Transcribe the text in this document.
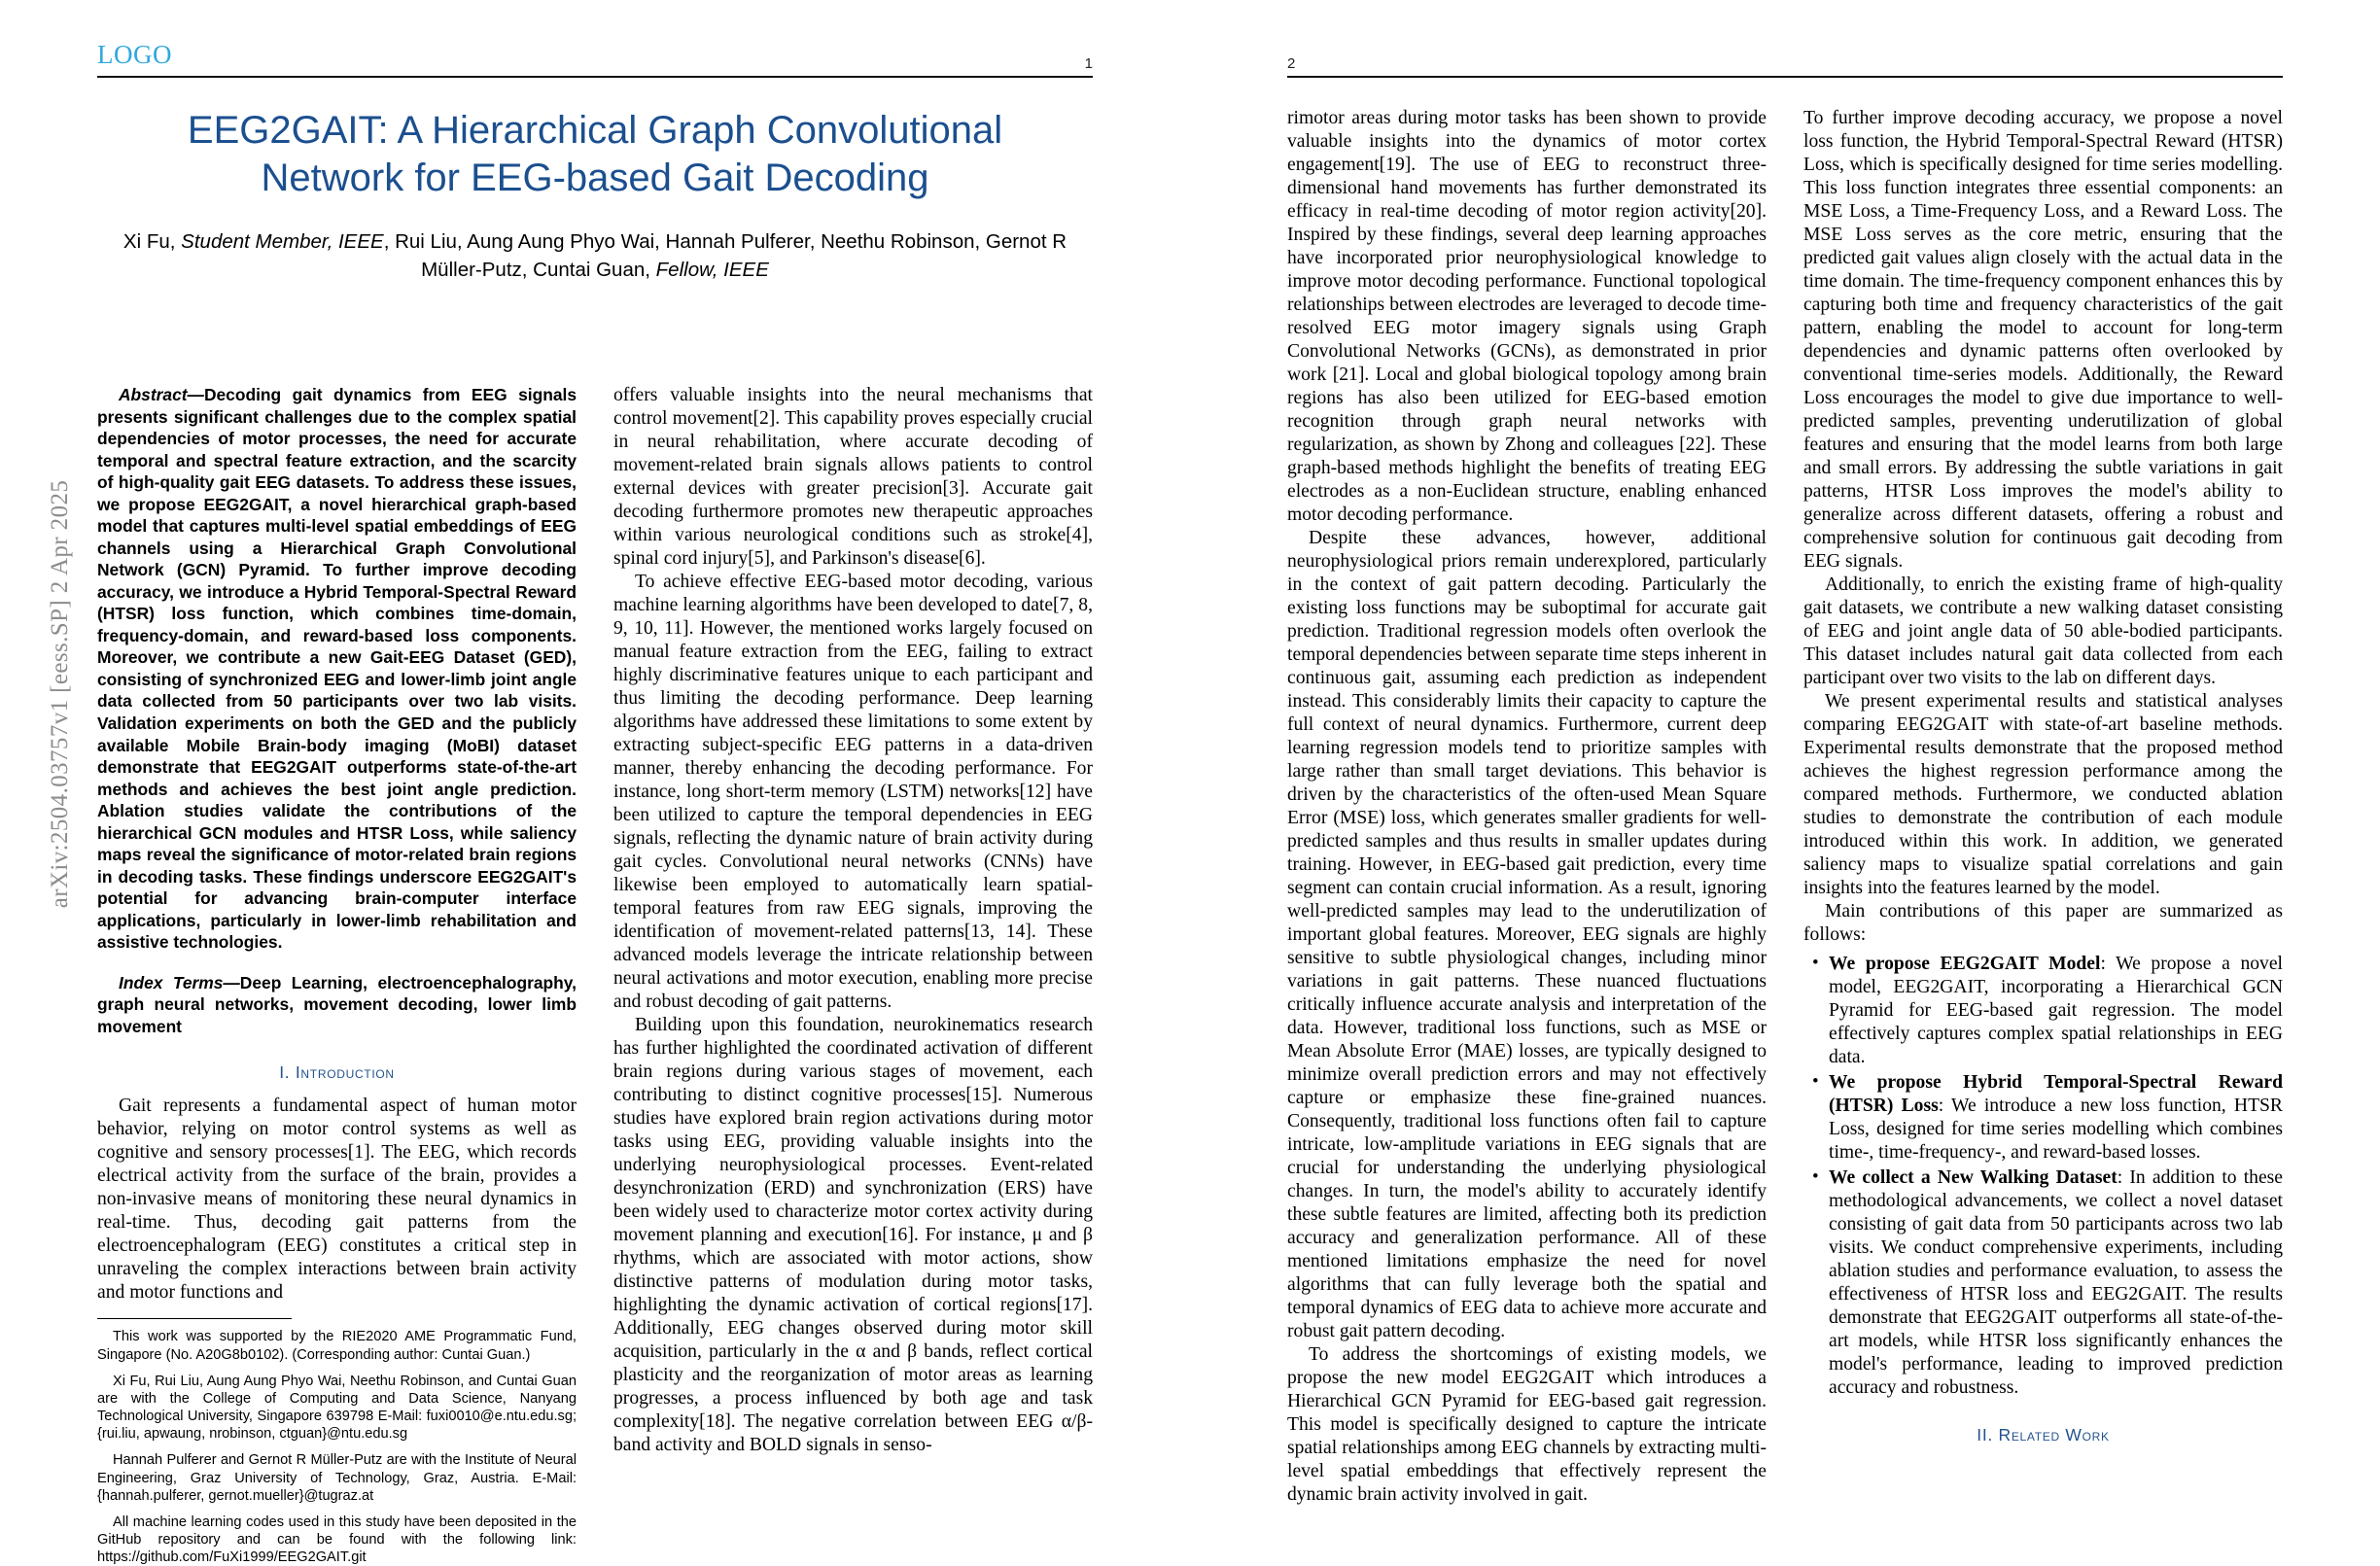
arXiv:2504.03757v1 [eess.SP] 2 Apr 2025
LOGO	1
EEG2GAIT: A Hierarchical Graph Convolutional Network for EEG-based Gait Decoding
Xi Fu, Student Member, IEEE, Rui Liu, Aung Aung Phyo Wai, Hannah Pulferer, Neethu Robinson, Gernot R Müller-Putz, Cuntai Guan, Fellow, IEEE

Abstract—Decoding gait dynamics from EEG signals presents significant challenges due to the complex spatial dependencies of motor processes, the need for accurate temporal and spectral feature extraction, and the scarcity of high-quality gait EEG datasets. To address these issues, we propose EEG2GAIT, a novel hierarchical graph-based model that captures multi-level spatial embeddings of EEG channels using a Hierarchical Graph Convolutional Network (GCN) Pyramid. To further improve decoding accuracy, we introduce a Hybrid Temporal-Spectral Reward (HTSR) loss function, which combines time-domain, frequency-domain, and reward-based loss components. Moreover, we contribute a new Gait-EEG Dataset (GED), consisting of synchronized EEG and lower-limb joint angle data collected from 50 participants over two lab visits. Validation experiments on both the GED and the publicly available Mobile Brain-body imaging (MoBI) dataset demonstrate that EEG2GAIT outperforms state-of-the-art methods and achieves the best joint angle prediction. Ablation studies validate the contributions of the hierarchical GCN modules and HTSR Loss, while saliency maps reveal the significance of motor-related brain regions in decoding tasks. These findings underscore EEG2GAIT's potential for advancing brain-computer interface applications, particularly in lower-limb rehabilitation and assistive technologies.

Index Terms—Deep Learning, electroencephalography, graph neural networks, movement decoding, lower limb movement

I. Introduction

Gait represents a fundamental aspect of human motor behavior, relying on motor control systems as well as cognitive and sensory processes[1]. The EEG, which records electrical activity from the surface of the brain, provides a non-invasive means of monitoring these neural dynamics in real-time. Thus, decoding gait patterns from the electroencephalogram (EEG) constitutes a critical step in unraveling the complex interactions between brain activity and motor functions and

This work was supported by the RIE2020 AME Programmatic Fund, Singapore (No. A20G8b0102). (Corresponding author: Cuntai Guan.)

Xi Fu, Rui Liu, Aung Aung Phyo Wai, Neethu Robinson, and Cuntai Guan are with the College of Computing and Data Science, Nanyang Technological University, Singapore 639798 E-Mail: fuxi0010@e.ntu.edu.sg; {rui.liu, apwaung, nrobinson, ctguan}@ntu.edu.sg

Hannah Pulferer and Gernot R Müller-Putz are with the Institute of Neural Engineering, Graz University of Technology, Graz, Austria. E-Mail: {hannah.pulferer, gernot.mueller}@tugraz.at

All machine learning codes used in this study have been deposited in the GitHub repository and can be found with the following link: https://github.com/FuXi1999/EEG2GAIT.git

offers valuable insights into the neural mechanisms that control movement[2]. This capability proves especially crucial in neural rehabilitation, where accurate decoding of movement-related brain signals allows patients to control external devices with greater precision[3]. Accurate gait decoding furthermore promotes new therapeutic approaches within various neurological conditions such as stroke[4], spinal cord injury[5], and Parkinson's disease[6].

To achieve effective EEG-based motor decoding, various machine learning algorithms have been developed to date[7, 8, 9, 10, 11]. However, the mentioned works largely focused on manual feature extraction from the EEG, failing to extract highly discriminative features unique to each participant and thus limiting the decoding performance. Deep learning algorithms have addressed these limitations to some extent by extracting subject-specific EEG patterns in a data-driven manner, thereby enhancing the decoding performance. For instance, long short-term memory (LSTM) networks[12] have been utilized to capture the temporal dependencies in EEG signals, reflecting the dynamic nature of brain activity during gait cycles. Convolutional neural networks (CNNs) have likewise been employed to automatically learn spatial-temporal features from raw EEG signals, improving the identification of movement-related patterns[13, 14]. These advanced models leverage the intricate relationship between neural activations and motor execution, enabling more precise and robust decoding of gait patterns.

Building upon this foundation, neurokinematics research has further highlighted the coordinated activation of different brain regions during various stages of movement, each contributing to distinct cognitive processes[15]. Numerous studies have explored brain region activations during motor tasks using EEG, providing valuable insights into the underlying neurophysiological processes. Event-related desynchronization (ERD) and synchronization (ERS) have been widely used to characterize motor cortex activity during movement planning and execution[16]. For instance, μ and β rhythms, which are associated with motor actions, show distinctive patterns of modulation during motor tasks, highlighting the dynamic activation of cortical regions[17]. Additionally, EEG changes observed during motor skill acquisition, particularly in the α and β bands, reflect cortical plasticity and the reorganization of motor areas as learning progresses, a process influenced by both age and task complexity[18]. The negative correlation between EEG α/β-band activity and BOLD signals in senso-

2

rimotor areas during motor tasks has been shown to provide valuable insights into the dynamics of motor cortex engagement[19]. The use of EEG to reconstruct three-dimensional hand movements has further demonstrated its efficacy in real-time decoding of motor region activity[20]. Inspired by these findings, several deep learning approaches have incorporated prior neurophysiological knowledge to improve motor decoding performance. Functional topological relationships between electrodes are leveraged to decode time-resolved EEG motor imagery signals using Graph Convolutional Networks (GCNs), as demonstrated in prior work [21]. Local and global biological topology among brain regions has also been utilized for EEG-based emotion recognition through graph neural networks with regularization, as shown by Zhong and colleagues [22]. These graph-based methods highlight the benefits of treating EEG electrodes as a non-Euclidean structure, enabling enhanced motor decoding performance.

Despite these advances, however, additional neurophysiological priors remain underexplored, particularly in the context of gait pattern decoding. Particularly the existing loss functions may be suboptimal for accurate gait prediction. Traditional regression models often overlook the temporal dependencies between separate time steps inherent in continuous gait, assuming each prediction as independent instead. This considerably limits their capacity to capture the full context of neural dynamics. Furthermore, current deep learning regression models tend to prioritize samples with large rather than small target deviations. This behavior is driven by the characteristics of the often-used Mean Square Error (MSE) loss, which generates smaller gradients for well-predicted samples and thus results in smaller updates during training. However, in EEG-based gait prediction, every time segment can contain crucial information. As a result, ignoring well-predicted samples may lead to the underutilization of important global features. Moreover, EEG signals are highly sensitive to subtle physiological changes, including minor variations in gait patterns. These nuanced fluctuations critically influence accurate analysis and interpretation of the data. However, traditional loss functions, such as MSE or Mean Absolute Error (MAE) losses, are typically designed to minimize overall prediction errors and may not effectively capture or emphasize these fine-grained nuances. Consequently, traditional loss functions often fail to capture intricate, low-amplitude variations in EEG signals that are crucial for understanding the underlying physiological changes. In turn, the model's ability to accurately identify these subtle features are limited, affecting both its prediction accuracy and generalization performance. All of these mentioned limitations emphasize the need for novel algorithms that can fully leverage both the spatial and temporal dynamics of EEG data to achieve more accurate and robust gait pattern decoding.

To address the shortcomings of existing models, we propose the new model EEG2GAIT which introduces a Hierarchical GCN Pyramid for EEG-based gait regression. This model is specifically designed to capture the intricate spatial relationships among EEG channels by extracting multi-level spatial embeddings that effectively represent the dynamic brain activity involved in gait.

To further improve decoding accuracy, we propose a novel loss function, the Hybrid Temporal-Spectral Reward (HTSR) Loss, which is specifically designed for time series modelling. This loss function integrates three essential components: an MSE Loss, a Time-Frequency Loss, and a Reward Loss. The MSE Loss serves as the core metric, ensuring that the predicted gait values align closely with the actual data in the time domain. The time-frequency component enhances this by capturing both time and frequency characteristics of the gait pattern, enabling the model to account for long-term dependencies and dynamic patterns often overlooked by conventional time-series models. Additionally, the Reward Loss encourages the model to give due importance to well-predicted samples, preventing underutilization of global features and ensuring that the model learns from both large and small errors. By addressing the subtle variations in gait patterns, HTSR Loss improves the model's ability to generalize across different datasets, offering a robust and comprehensive solution for continuous gait decoding from EEG signals.

Additionally, to enrich the existing frame of high-quality gait datasets, we contribute a new walking dataset consisting of EEG and joint angle data of 50 able-bodied participants. This dataset includes natural gait data collected from each participant over two visits to the lab on different days.

We present experimental results and statistical analyses comparing EEG2GAIT with state-of-art baseline methods. Experimental results demonstrate that the proposed method achieves the highest regression performance among the compared methods. Furthermore, we conducted ablation studies to demonstrate the contribution of each module introduced within this work. In addition, we generated saliency maps to visualize spatial correlations and gain insights into the features learned by the model.

Main contributions of this paper are summarized as follows:

• We propose EEG2GAIT Model: We propose a novel model, EEG2GAIT, incorporating a Hierarchical GCN Pyramid for EEG-based gait regression. The model effectively captures complex spatial relationships in EEG data.
• We propose Hybrid Temporal-Spectral Reward (HTSR) Loss: We introduce a new loss function, HTSR Loss, designed for time series modelling which combines time-, time-frequency-, and reward-based losses.
• We collect a New Walking Dataset: In addition to these methodological advancements, we collect a novel dataset consisting of gait data from 50 participants across two lab visits. We conduct comprehensive experiments, including ablation studies and performance evaluation, to assess the effectiveness of HTSR loss and EEG2GAIT. The results demonstrate that EEG2GAIT outperforms all state-of-the-art models, while HTSR loss significantly enhances the model's performance, leading to improved prediction accuracy and robustness.
II. Related Work
